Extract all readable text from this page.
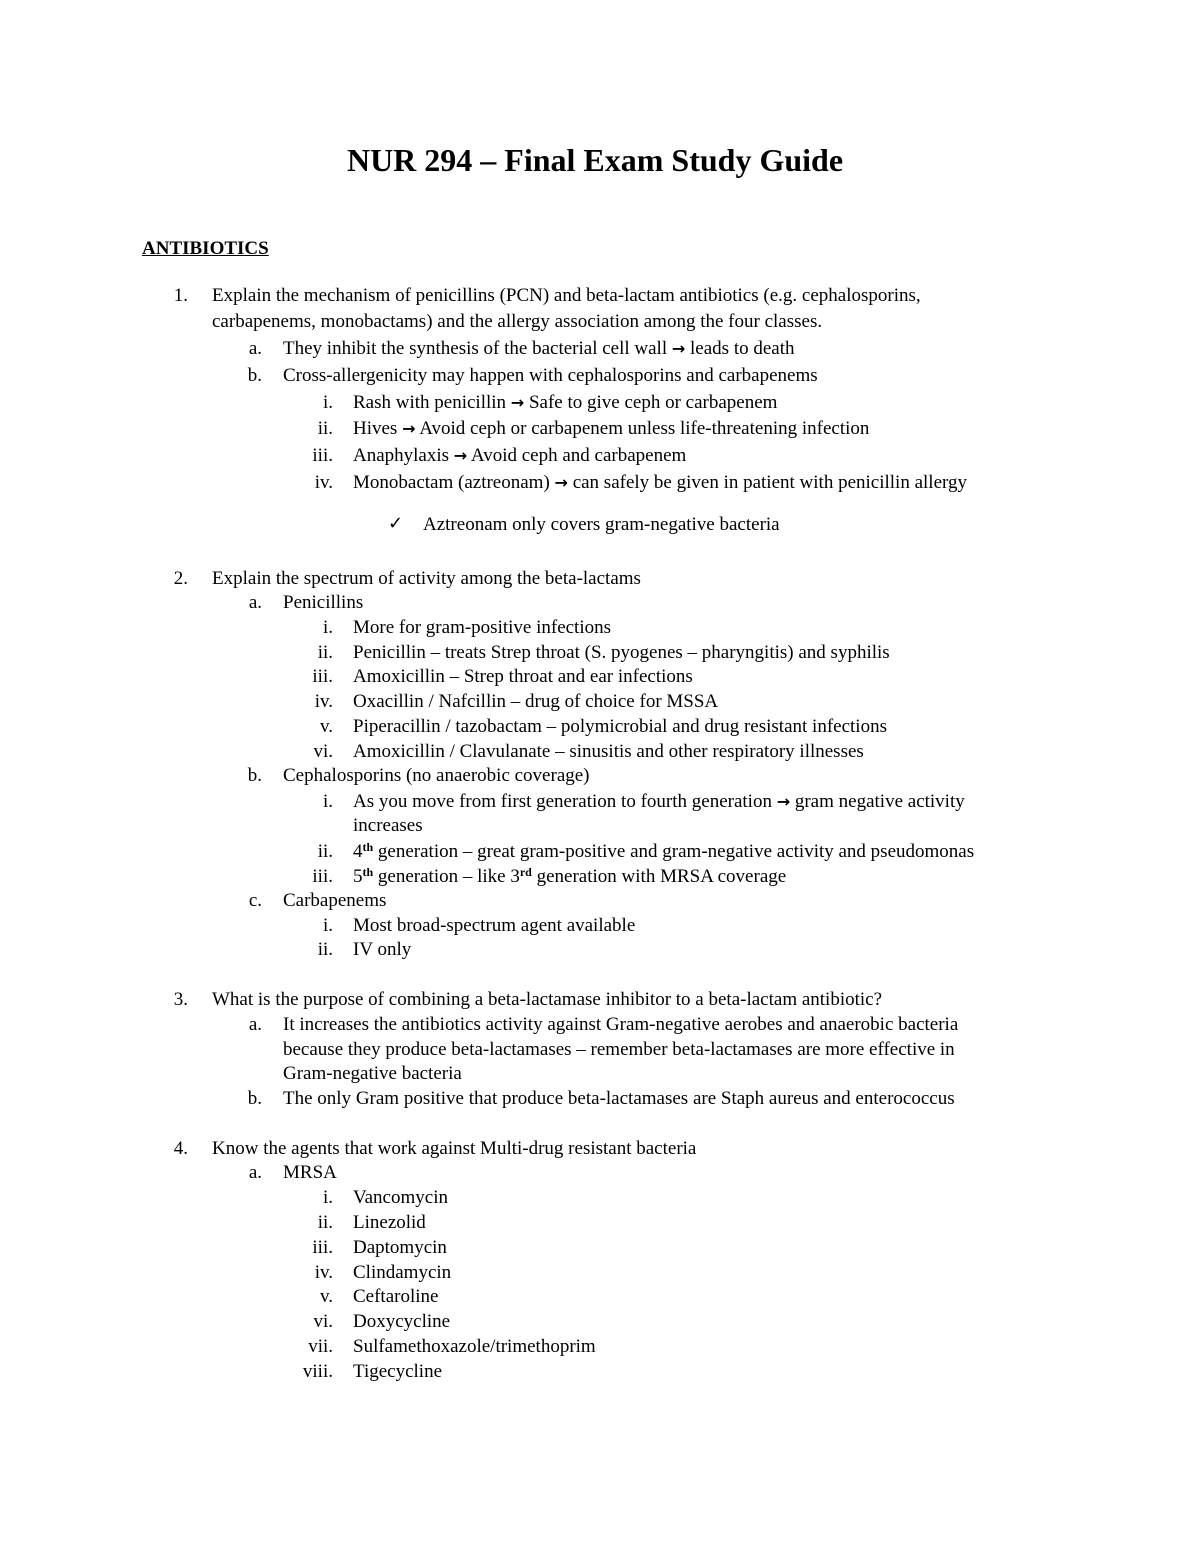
NUR 294 – Final Exam Study Guide
ANTIBIOTICS
1. Explain the mechanism of penicillins (PCN) and beta-lactam antibiotics (e.g. cephalosporins,
carbapenems, monobactams) and the allergy association among the four classes.
a. They inhibit the synthesis of the bacterial cell wall → leads to death
b. Cross-allergenicity may happen with cephalosporins and carbapenems
i. Rash with penicillin → Safe to give ceph or carbapenem
ii. Hives → Avoid ceph or carbapenem unless life-threatening infection
iii. Anaphylaxis → Avoid ceph and carbapenem
iv. Monobactam (aztreonam) → can safely be given in patient with penicillin allergy
✓ Aztreonam only covers gram-negative bacteria
2. Explain the spectrum of activity among the beta-lactams
a. Penicillins
i. More for gram-positive infections
ii. Penicillin – treats Strep throat (S. pyogenes – pharyngitis) and syphilis
iii. Amoxicillin – Strep throat and ear infections
iv. Oxacillin / Nafcillin – drug of choice for MSSA
v. Piperacillin / tazobactam – polymicrobial and drug resistant infections
vi. Amoxicillin / Clavulanate – sinusitis and other respiratory illnesses
b. Cephalosporins (no anaerobic coverage)
i. As you move from first generation to fourth generation → gram negative activity
increases
ii. 4th generation – great gram-positive and gram-negative activity and pseudomonas
iii. 5th generation – like 3rd generation with MRSA coverage
c. Carbapenems
i. Most broad-spectrum agent available
ii. IV only
3. What is the purpose of combining a beta-lactamase inhibitor to a beta-lactam antibiotic?
a. It increases the antibiotics activity against Gram-negative aerobes and anaerobic bacteria
because they produce beta-lactamases – remember beta-lactamases are more effective in
Gram-negative bacteria
b. The only Gram positive that produce beta-lactamases are Staph aureus and enterococcus
4. Know the agents that work against Multi-drug resistant bacteria
a. MRSA
i. Vancomycin
ii. Linezolid
iii. Daptomycin
iv. Clindamycin
v. Ceftaroline
vi. Doxycycline
vii. Sulfamethoxazole/trimethoprim
viii. Tigecycline
